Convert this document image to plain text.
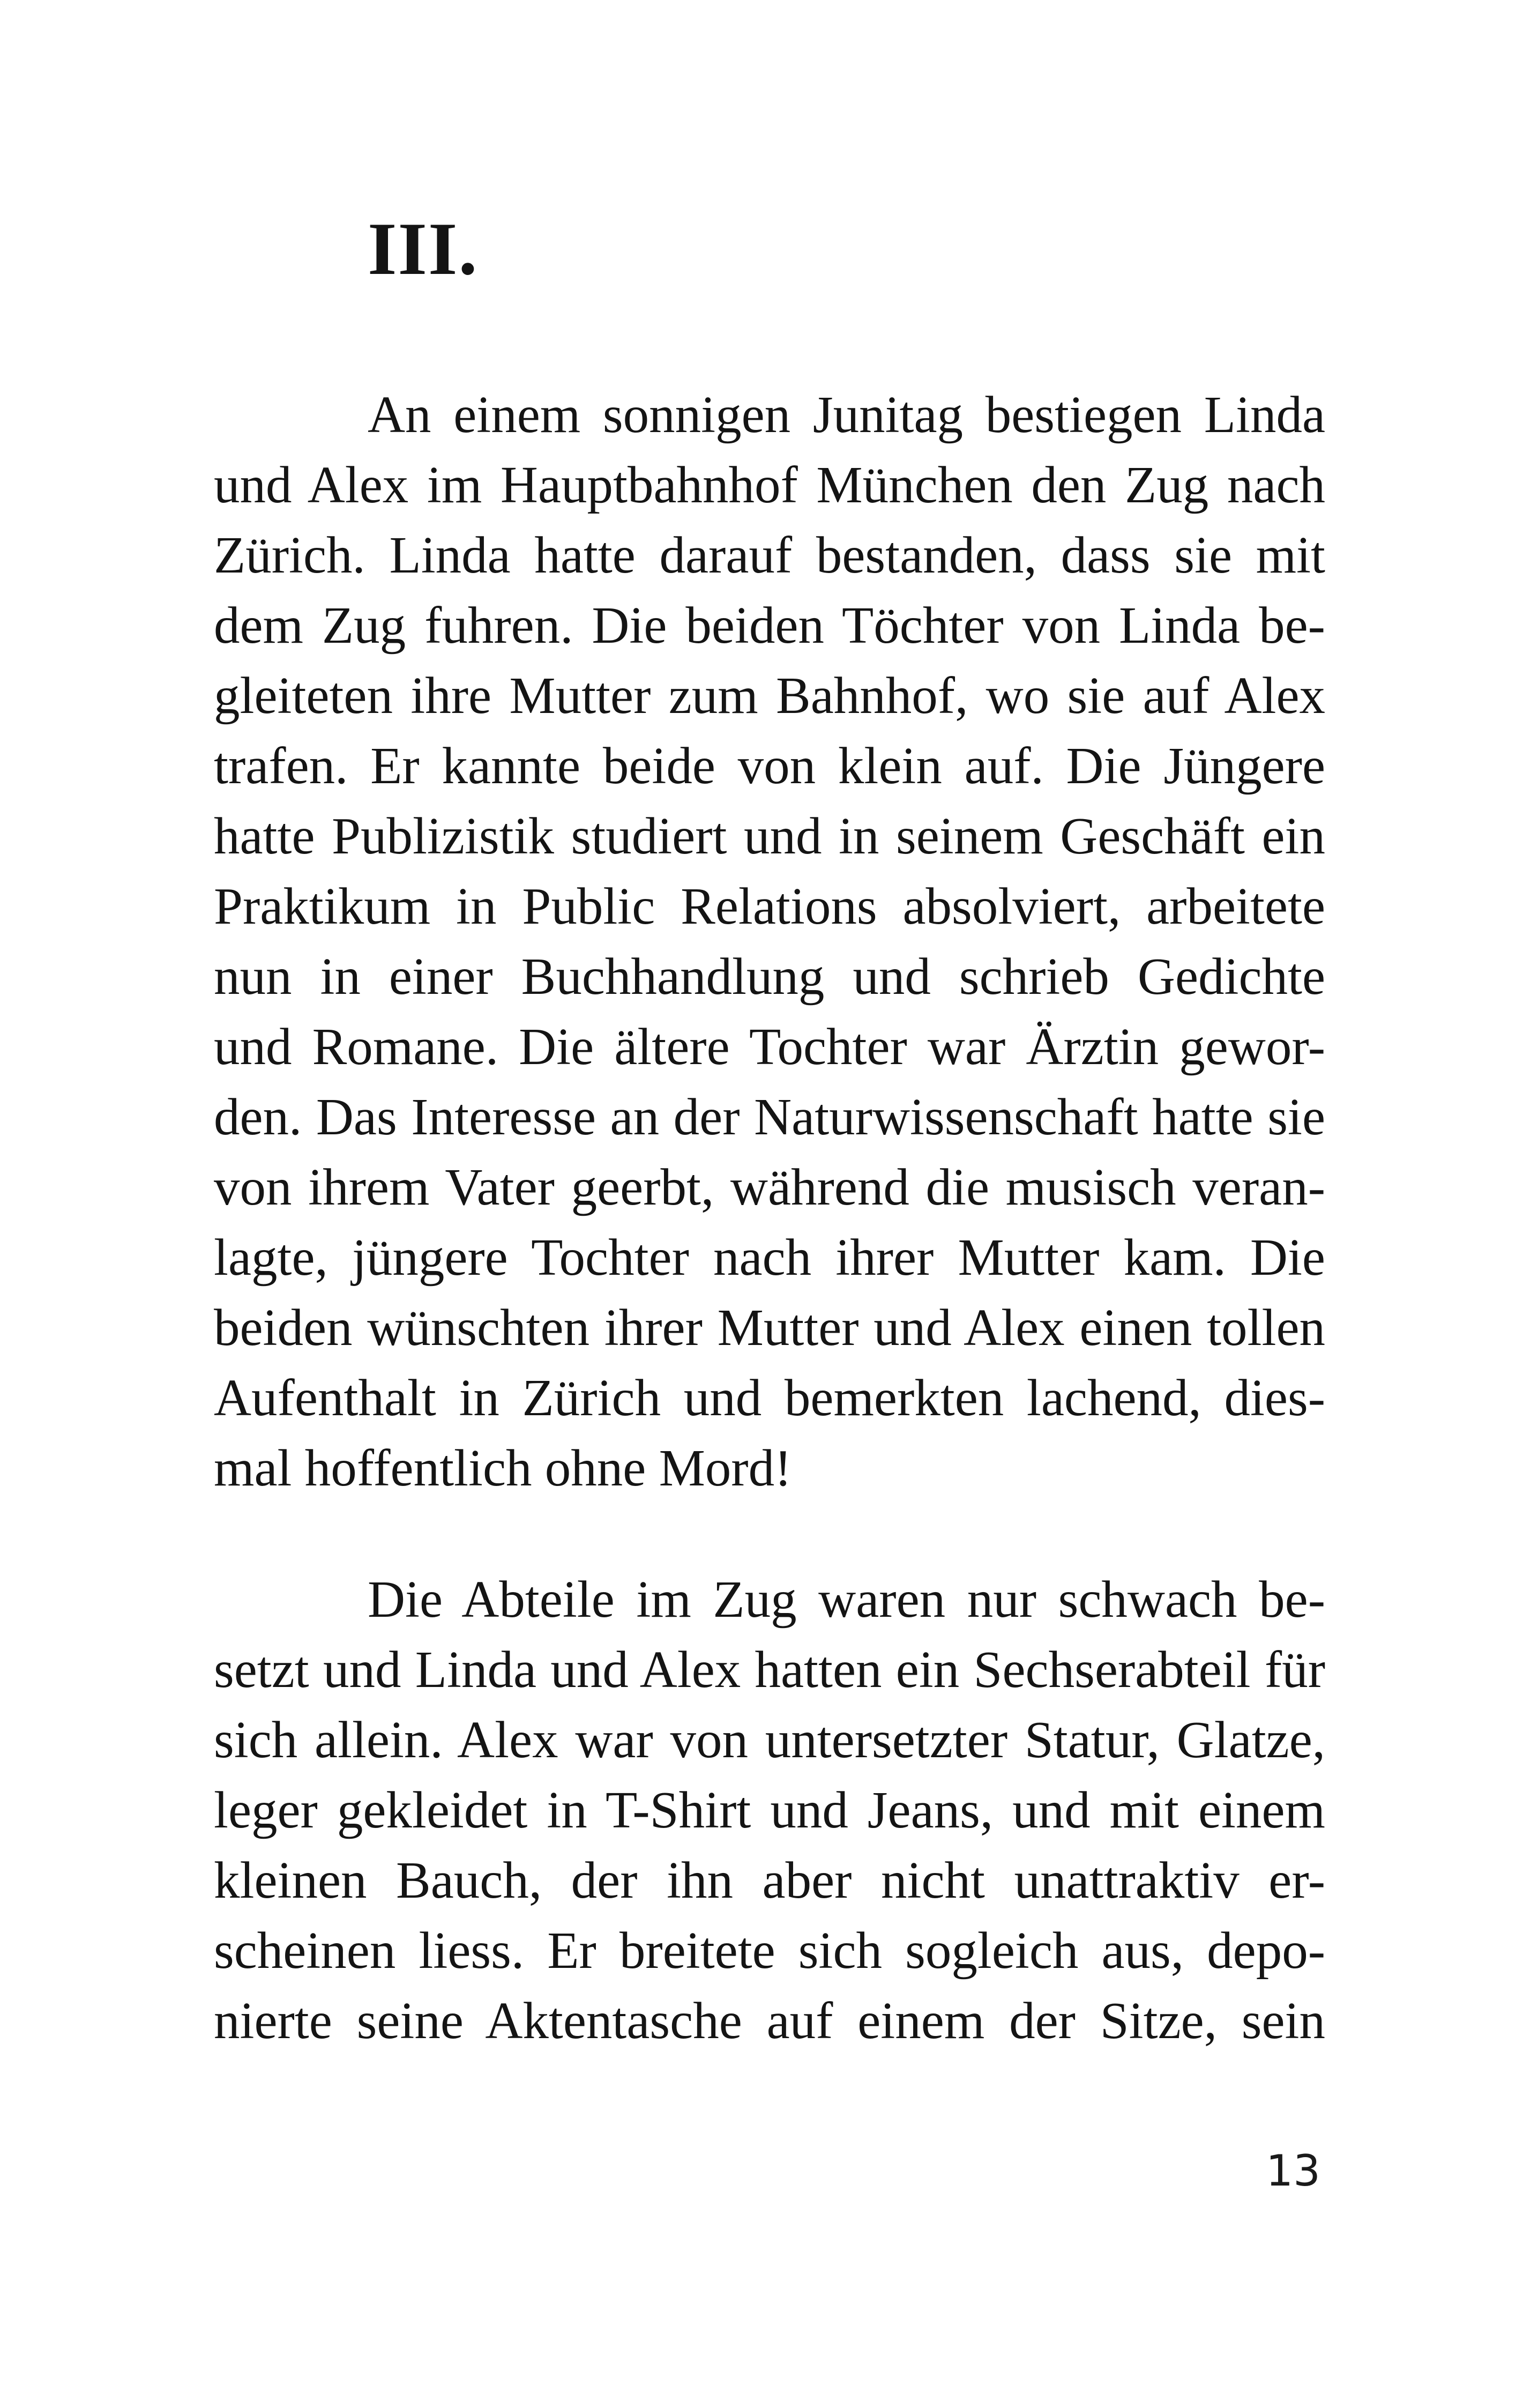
III.
An einem sonnigen Junitag bestiegen Linda
und Alex im Hauptbahnhof München den Zug nach
Zürich. Linda hatte darauf bestanden, dass sie mit
dem Zug fuhren. Die beiden Töchter von Linda be-
gleiteten ihre Mutter zum Bahnhof, wo sie auf Alex
trafen. Er kannte beide von klein auf. Die Jüngere
hatte Publizistik studiert und in seinem Geschäft ein
Praktikum in Public Relations absolviert, arbeitete
nun in einer Buchhandlung und schrieb Gedichte
und Romane. Die ältere Tochter war Ärztin gewor-
den. Das Interesse an der Naturwissenschaft hatte sie
von ihrem Vater geerbt, während die musisch veran-
lagte, jüngere Tochter nach ihrer Mutter kam. Die
beiden wünschten ihrer Mutter und Alex einen tollen
Aufenthalt in Zürich und bemerkten lachend, dies-
mal hoffentlich ohne Mord!
Die Abteile im Zug waren nur schwach be-
setzt und Linda und Alex hatten ein Sechserabteil für
sich allein. Alex war von untersetzter Statur, Glatze,
leger gekleidet in T-Shirt und Jeans, und mit einem
kleinen Bauch, der ihn aber nicht unattraktiv er-
scheinen liess. Er breitete sich sogleich aus, depo-
nierte seine Aktentasche auf einem der Sitze, sein
13
